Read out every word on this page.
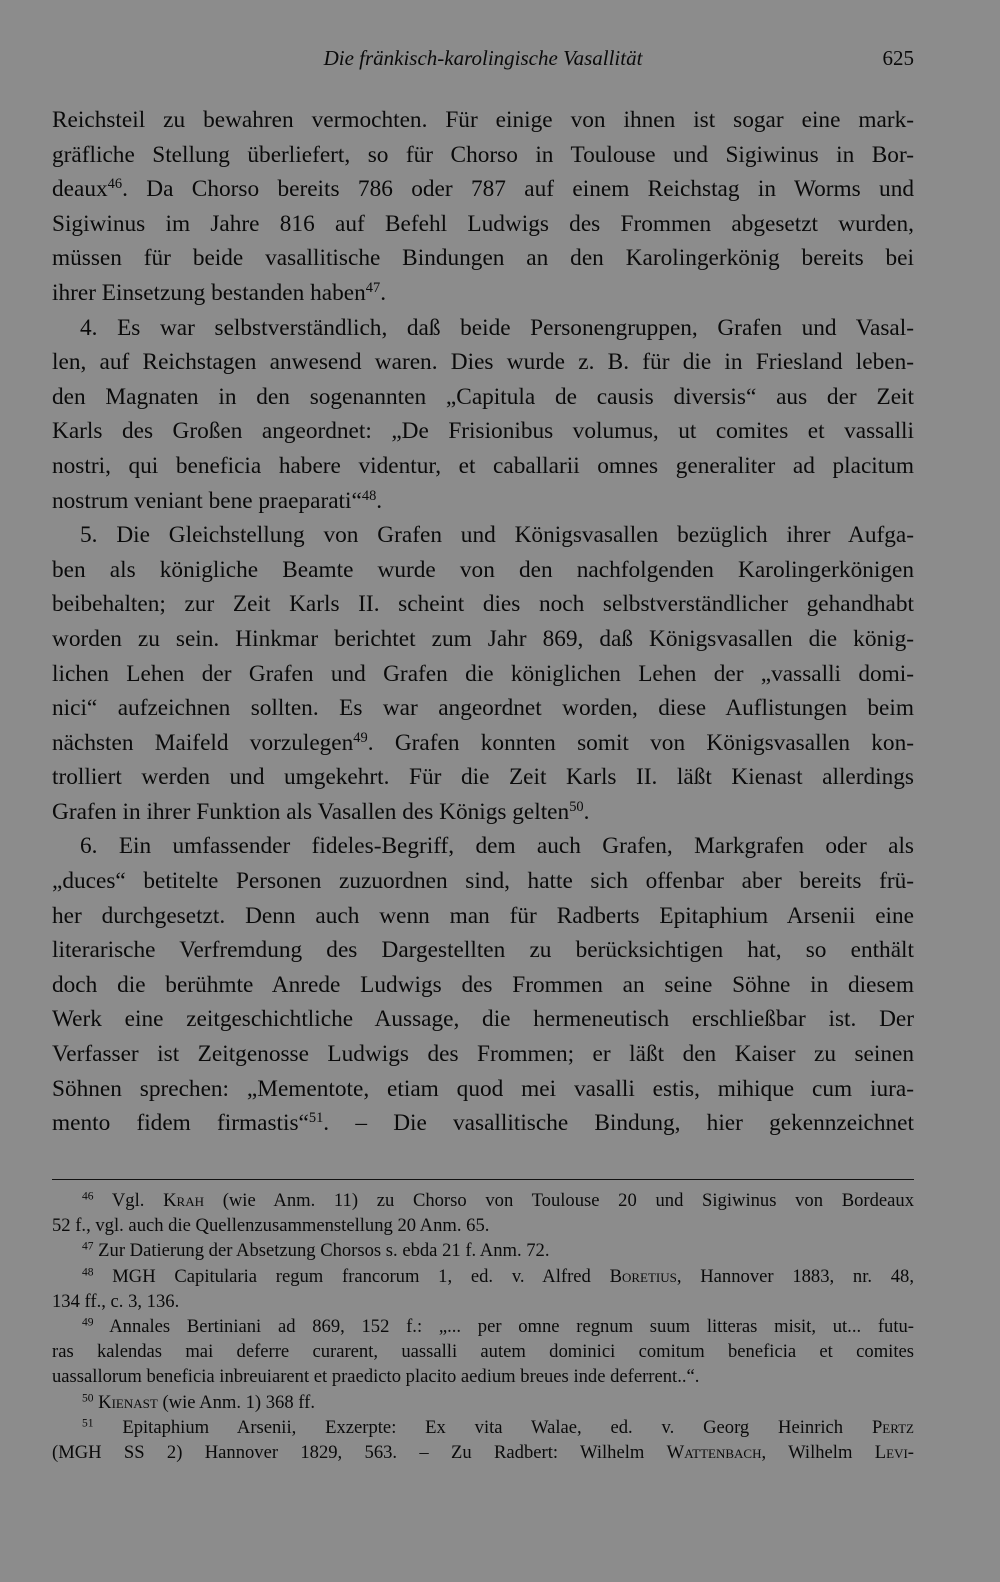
Die fränkisch-karolingische Vasallität	625
Reichsteil zu bewahren vermochten. Für einige von ihnen ist sogar eine mark-
gräfliche Stellung überliefert, so für Chorso in Toulouse und Sigiwinus in Bor-
deaux$^{46}$. Da Chorso bereits 786 oder 787 auf einem Reichstag in Worms und
Sigiwinus im Jahre 816 auf Befehl Ludwigs des Frommen abgesetzt wurden,
müssen für beide vasallitische Bindungen an den Karolingerkönig bereits bei
ihrer Einsetzung bestanden haben$^{47}$.
4. Es war selbstverständlich, daß beide Personengruppen, Grafen und Vasal-
len, auf Reichstagen anwesend waren. Dies wurde z. B. für die in Friesland leben-
den Magnaten in den sogenannten „Capitula de causis diversis“ aus der Zeit
Karls des Großen angeordnet: „De Frisionibus volumus, ut comites et vassalli
nostri, qui beneficia habere videntur, et caballarii omnes generaliter ad placitum
nostrum veniant bene praeparati“$^{48}$.
5. Die Gleichstellung von Grafen und Königsvasallen bezüglich ihrer Aufga-
ben als königliche Beamte wurde von den nachfolgenden Karolingerkönigen
beibehalten; zur Zeit Karls II. scheint dies noch selbstverständlicher gehandhabt
worden zu sein. Hinkmar berichtet zum Jahr 869, daß Königsvasallen die könig-
lichen Lehen der Grafen und Grafen die königlichen Lehen der „vassalli domi-
nici“ aufzeichnen sollten. Es war angeordnet worden, diese Auflistungen beim
nächsten Maifeld vorzulegen$^{49}$. Grafen konnten somit von Königsvasallen kon-
trolliert werden und umgekehrt. Für die Zeit Karls II. läßt Kienast allerdings
Grafen in ihrer Funktion als Vasallen des Königs gelten$^{50}$.
6. Ein umfassender fideles-Begriff, dem auch Grafen, Markgrafen oder als
„duces“ betitelte Personen zuzuordnen sind, hatte sich offenbar aber bereits frü-
her durchgesetzt. Denn auch wenn man für Radberts Epitaphium Arsenii eine
literarische Verfremdung des Dargestellten zu berücksichtigen hat, so enthält
doch die berühmte Anrede Ludwigs des Frommen an seine Söhne in diesem
Werk eine zeitgeschichtliche Aussage, die hermeneutisch erschließbar ist. Der
Verfasser ist Zeitgenosse Ludwigs des Frommen; er läßt den Kaiser zu seinen
Söhnen sprechen: „Mementote, etiam quod mei vasalli estis, mihique cum iura-
mento fidem firmastis“$^{51}$. – Die vasallitische Bindung, hier gekennzeichnet
$^{46}$ Vgl. Krah (wie Anm. 11) zu Chorso von Toulouse 20 und Sigiwinus von Bordeaux
52 f., vgl. auch die Quellenzusammenstellung 20 Anm. 65.
$^{47}$ Zur Datierung der Absetzung Chorsos s. ebda 21 f. Anm. 72.
$^{48}$ MGH Capitularia regum francorum 1, ed. v. Alfred Boretius, Hannover 1883, nr. 48,
134 ff., c. 3, 136.
$^{49}$ Annales Bertiniani ad 869, 152 f.: „... per omne regnum suum litteras misit, ut... futu-
ras kalendas mai deferre curarent, uassalli autem dominici comitum beneficia et comites
uassallorum beneficia inbreuiarent et praedicto placito aedium breues inde deferrent..“.
$^{50}$ Kienast (wie Anm. 1) 368 ff.
$^{51}$ Epitaphium Arsenii, Exzerpte: Ex vita Walae, ed. v. Georg Heinrich Pertz
(MGH SS 2) Hannover 1829, 563. – Zu Radbert: Wilhelm Wattenbach, Wilhelm Levi-
